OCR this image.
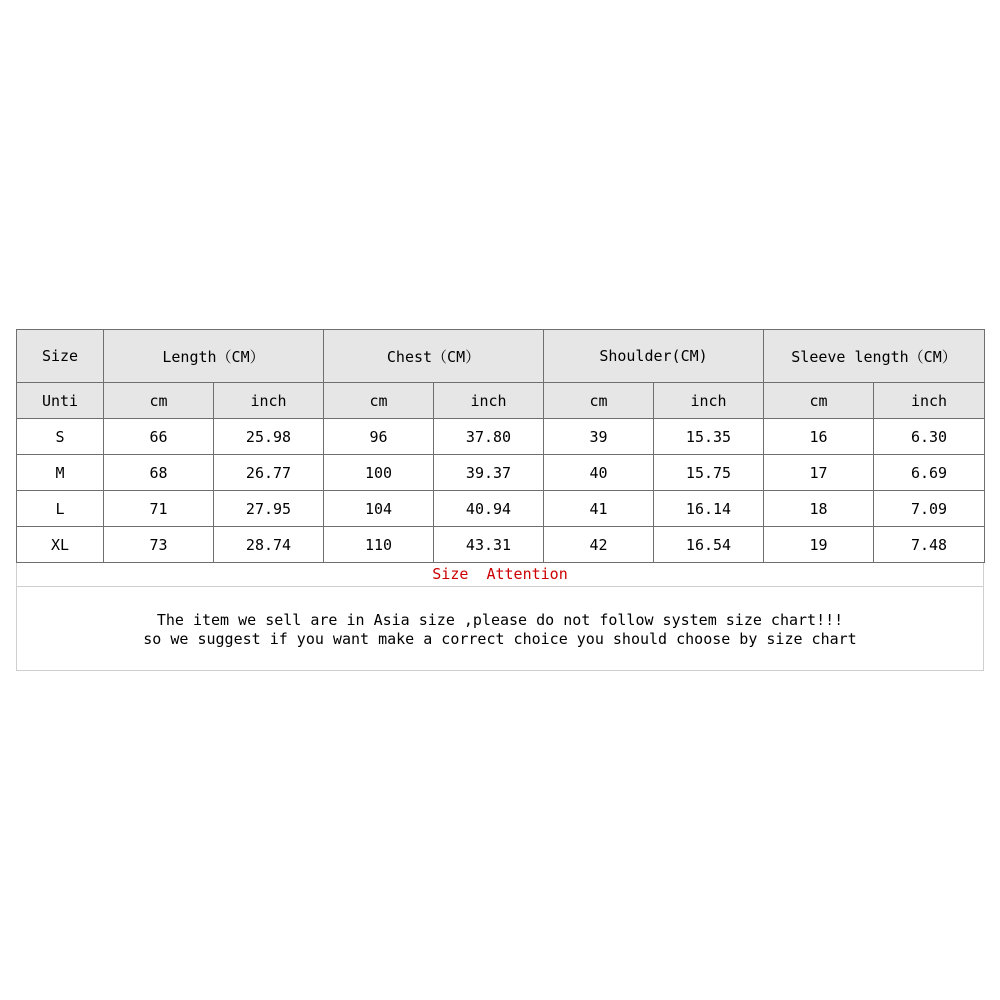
Size	Length（CM）		Chest（CM）		Shoulder(CM)		Sleeve length（CM）	
Unti	cm	inch	cm	inch	cm	inch	cm	inch
S	66	25.98	96	37.80	39	15.35	16	6.30
M	68	26.77	100	39.37	40	15.75	17	6.69
L	71	27.95	104	40.94	41	16.14	18	7.09
XL	73	28.74	110	43.31	42	16.54	19	7.48
Size  Attention
The item we sell are in Asia size ,please do not follow system size chart!!!
so we suggest if you want make a correct choice you should choose by size chart
